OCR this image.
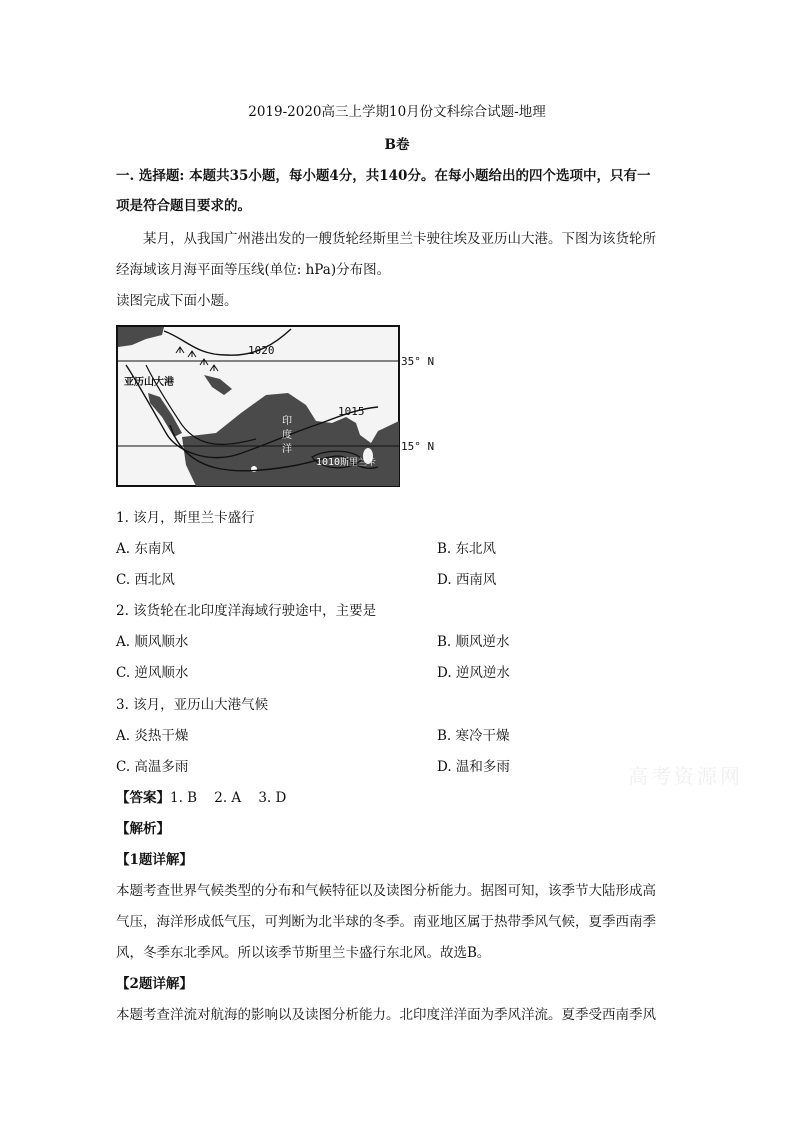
2019-2020高三上学期10月份文科综合试题-地理
B卷
一. 选择题: 本题共35小题，每小题4分，共140分。在每小题给出的四个选项中，只有一
项是符合题目要求的。
某月，从我国广州港出发的一艘货轮经斯里兰卡驶往埃及亚历山大港。下图为该货轮所
经海域该月海平面等压线(单位: hPa)分布图。
读图完成下面小题。
1020
1015
1010
35° N
15° N
亚历山大港
斯里兰卡
印
度
洋
1. 该月，斯里兰卡盛行
A. 东南风	B. 东北风
C. 西北风	D. 西南风
2. 该货轮在北印度洋海域行驶途中，主要是
A. 顺风顺水	B. 顺风逆水
C. 逆风顺水	D. 逆风逆水
3. 该月，亚历山大港气候
A. 炎热干燥	B. 寒冷干燥
C. 高温多雨	D. 温和多雨	高考资源网
【答案】1. B    2. A    3. D
【解析】
【1题详解】
本题考查世界气候类型的分布和气候特征以及读图分析能力。据图可知，该季节大陆形成高
气压，海洋形成低气压，可判断为北半球的冬季。南亚地区属于热带季风气候，夏季西南季
风，冬季东北季风。所以该季节斯里兰卡盛行东北风。故选B。
【2题详解】
本题考查洋流对航海的影响以及读图分析能力。北印度洋洋面为季风洋流。夏季受西南季风
